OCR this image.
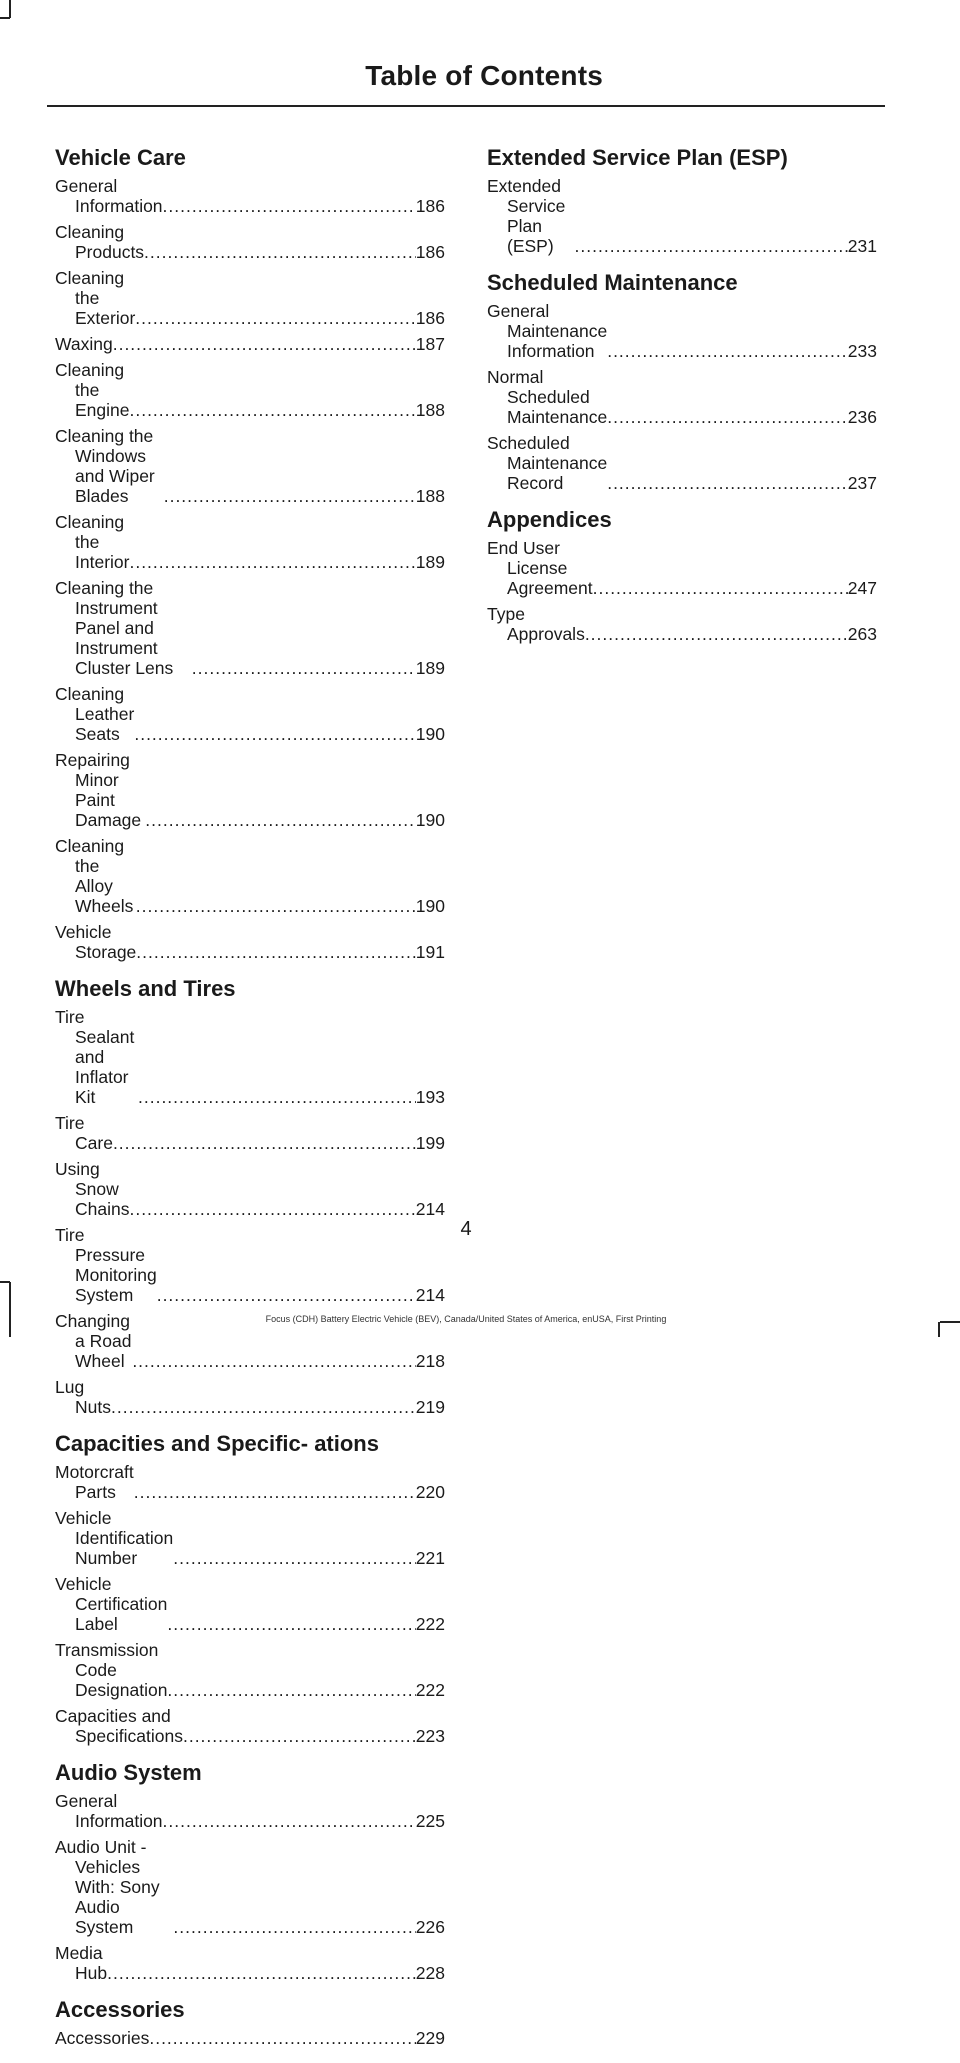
Table of Contents
Vehicle Care
General Information .....	186
Cleaning Products .....	186
Cleaning the Exterior .....	186
Waxing .....	187
Cleaning the Engine .....	188
Cleaning the Windows and Wiper Blades .....	188
Cleaning the Interior .....	189
Cleaning the Instrument Panel and Instrument Cluster Lens .....	189
Cleaning Leather Seats .....	190
Repairing Minor Paint Damage .....	190
Cleaning the Alloy Wheels .....	190
Vehicle Storage .....	191
Wheels and Tires
Tire Sealant and Inflator Kit .....	193
Tire Care .....	199
Using Snow Chains .....	214
Tire Pressure Monitoring System .....	214
Changing a Road Wheel .....	218
Lug Nuts .....	219
Capacities and Specific- ations
Motorcraft Parts .....	220
Vehicle Identification Number .....	221
Vehicle Certification Label .....	222
Transmission Code Designation .....	222
Capacities and Specifications .....	223
Audio System
General Information .....	225
Audio Unit - Vehicles With: Sony Audio System .....	226
Media Hub .....	228
Accessories
Accessories .....	229
Extended Service Plan (ESP)
Extended Service Plan (ESP) .....	231
Scheduled Maintenance
General Maintenance Information .....	233
Normal Scheduled Maintenance .....	236
Scheduled Maintenance Record .....	237
Appendices
End User License Agreement .....	247
Type Approvals .....	263
4
Focus (CDH) Battery Electric Vehicle (BEV), Canada/United States of America, enUSA, First Printing
